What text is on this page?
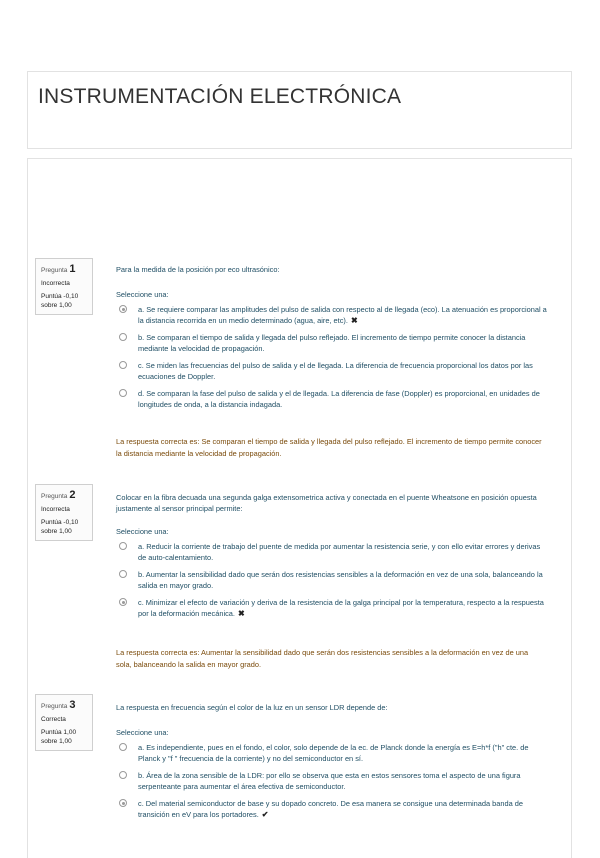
INSTRUMENTACIÓN ELECTRÓNICA
Pregunta 1
Incorrecta
Puntúa -0,10 sobre 1,00

Para la medida de la posición por eco ultrasónico:

Seleccione una:

a. Se requiere comparar las amplitudes del pulso de salida con respecto al de llegada (eco). La atenuación es proporcional a la distancia recorrida en un medio determinado (agua, aire, etc). ✖
b. Se comparan el tiempo de salida y llegada del pulso reflejado. El incremento de tiempo permite conocer la distancia mediante la velocidad de propagación.
c. Se miden las frecuencias del pulso de salida y el de llegada. La diferencia de frecuencia proporcional los datos por las ecuaciones de Doppler.
d. Se comparan la fase del pulso de salida y el de llegada. La diferencia de fase (Doppler) es proporcional, en unidades de longitudes de onda, a la distancia indagada.
La respuesta correcta es: Se comparan el tiempo de salida y llegada del pulso reflejado. El incremento de tiempo permite conocer la distancia mediante la velocidad de propagación.
Pregunta 2
Incorrecta
Puntúa -0,10 sobre 1,00

Colocar en la fibra decuada una segunda galga extensometrica activa y conectada en el puente Wheatsone en posición opuesta justamente al sensor principal permite:

Seleccione una:

a. Reducir la corriente de trabajo del puente de medida por aumentar la resistencia serie, y con ello evitar errores y derivas de auto-calentamiento.
b. Aumentar la sensibilidad dado que serán dos resistencias sensibles a la deformación en vez de una sola, balanceando la salida en mayor grado.
c. Minimizar el efecto de variación y deriva de la resistencia de la galga principal por la temperatura, respecto a la respuesta por la deformación mecánica. ✖
La respuesta correcta es: Aumentar la sensibilidad dado que serán dos resistencias sensibles a la deformación en vez de una sola, balanceando la salida en mayor grado.
Pregunta 3
Correcta
Puntúa 1,00 sobre 1,00

La respuesta en frecuencia según el color de la luz en un sensor LDR depende de:

Seleccione una:

a. Es independiente, pues en el fondo, el color, solo depende de la ec. de Planck donde la energía es E=h*f ("h" cte. de Planck y "f " frecuencia de la corriente) y no del semiconductor en sí.
b. Área de la zona sensible de la LDR: por ello se observa que esta en estos sensores toma el aspecto de una figura serpenteante para aumentar el área efectiva de semiconductor.
c. Del material semiconductor de base y su dopado concreto. De esa manera se consigue una determinada banda de transición en eV para los portadores. ✔
